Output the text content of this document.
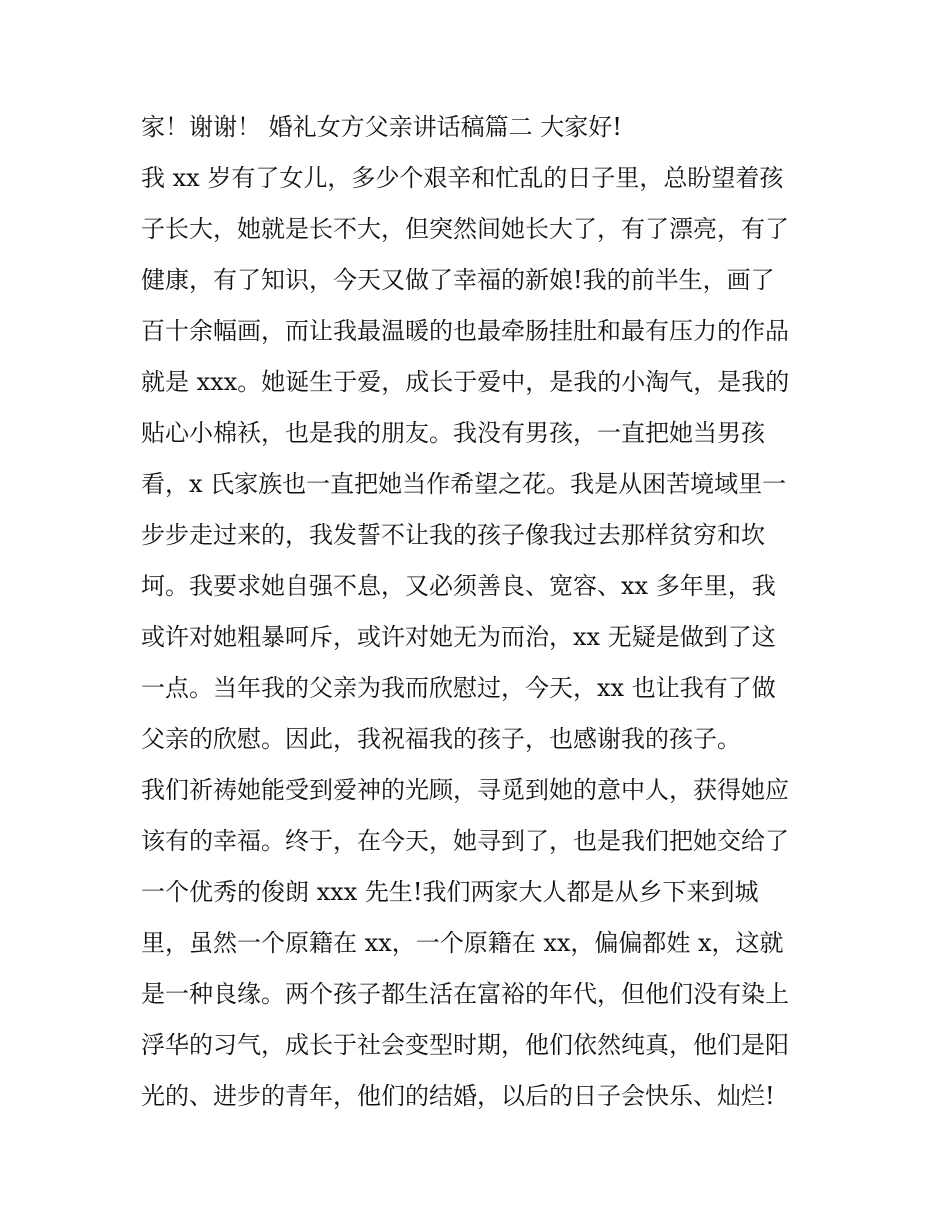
家！谢谢！ 婚礼女方父亲讲话稿篇二 大家好!
我 xx 岁有了女儿，多少个艰辛和忙乱的日子里，总盼望着孩
子长大，她就是长不大，但突然间她长大了，有了漂亮，有了
健康，有了知识，今天又做了幸福的新娘!我的前半生，画了
百十余幅画，而让我最温暖的也最牵肠挂肚和最有压力的作品
就是 xxx。她诞生于爱，成长于爱中，是我的小淘气，是我的
贴心小棉袄，也是我的朋友。我没有男孩，一直把她当男孩
看，x 氏家族也一直把她当作希望之花。我是从困苦境域里一
步步走过来的，我发誓不让我的孩子像我过去那样贫穷和坎
坷。我要求她自强不息，又必须善良、宽容、xx 多年里，我
或许对她粗暴呵斥，或许对她无为而治，xx 无疑是做到了这
一点。当年我的父亲为我而欣慰过，今天，xx 也让我有了做
父亲的欣慰。因此，我祝福我的孩子，也感谢我的孩子。
我们祈祷她能受到爱神的光顾，寻觅到她的意中人，获得她应
该有的幸福。终于，在今天，她寻到了，也是我们把她交给了
一个优秀的俊朗 xxx 先生!我们两家大人都是从乡下来到城
里，虽然一个原籍在 xx，一个原籍在 xx，偏偏都姓 x，这就
是一种良缘。两个孩子都生活在富裕的年代，但他们没有染上
浮华的习气，成长于社会变型时期，他们依然纯真，他们是阳
光的、进步的青年，他们的结婚，以后的日子会快乐、灿烂!
